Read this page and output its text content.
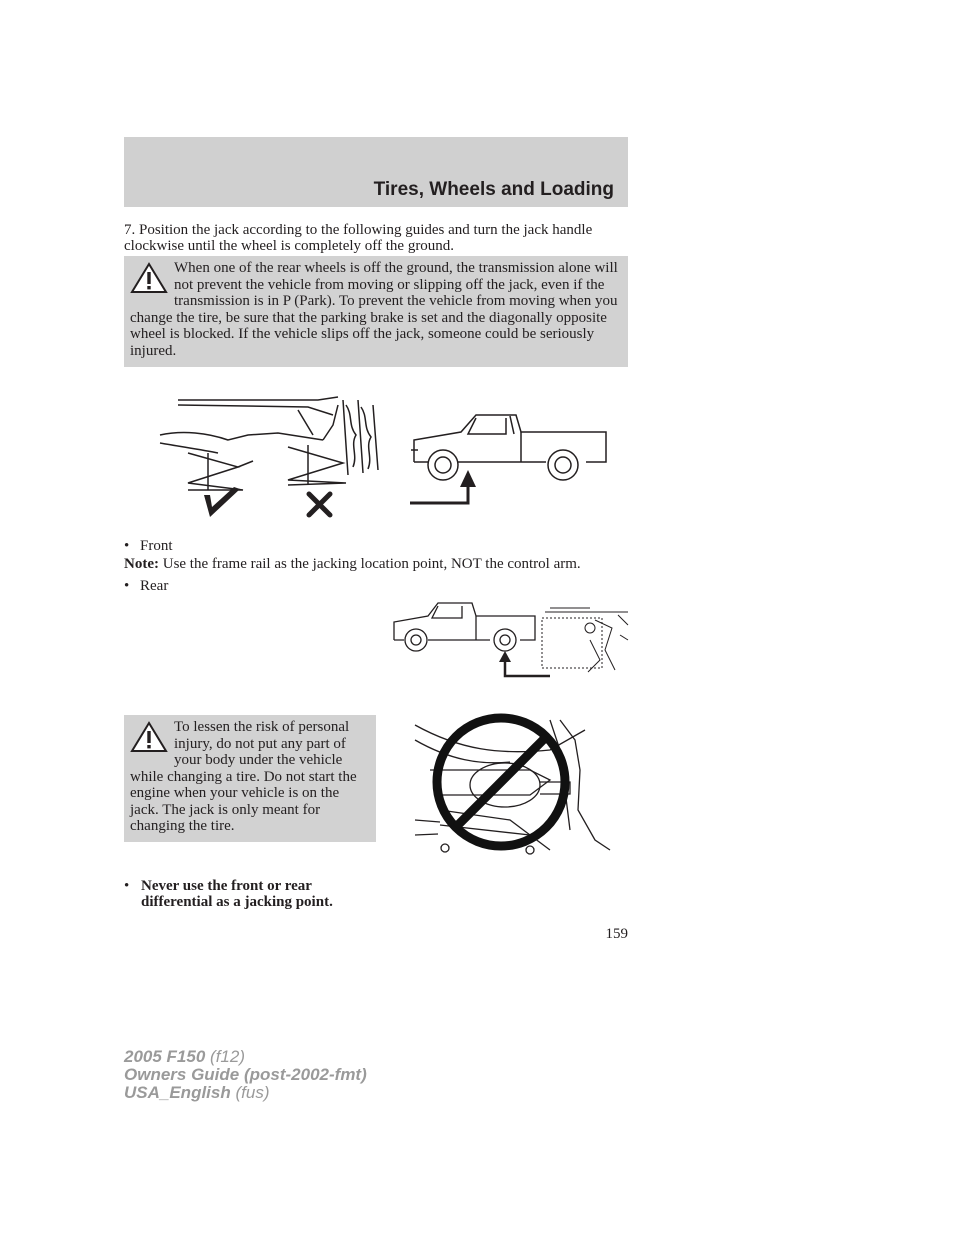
Tires, Wheels and Loading
7. Position the jack according to the following guides and turn the jack handle clockwise until the wheel is completely off the ground.

When one of the rear wheels is off the ground, the transmission alone will not prevent the vehicle from moving or slipping off the jack, even if the transmission is in P (Park). To prevent the vehicle from moving when you change the tire, be sure that the parking brake is set and the diagonally opposite wheel is blocked. If the vehicle slips off the jack, someone could be seriously injured.

• Front
Note: Use the frame rail as the jacking location point, NOT the control arm.
• Rear

To lessen the risk of personal injury, do not put any part of your body under the vehicle while changing a tire. Do not start the engine when your vehicle is on the jack. The jack is only meant for changing the tire.

• Never use the front or rear differential as a jacking point.
159
2005 F150 (f12)
Owners Guide (post-2002-fmt)
USA_English (fus)
